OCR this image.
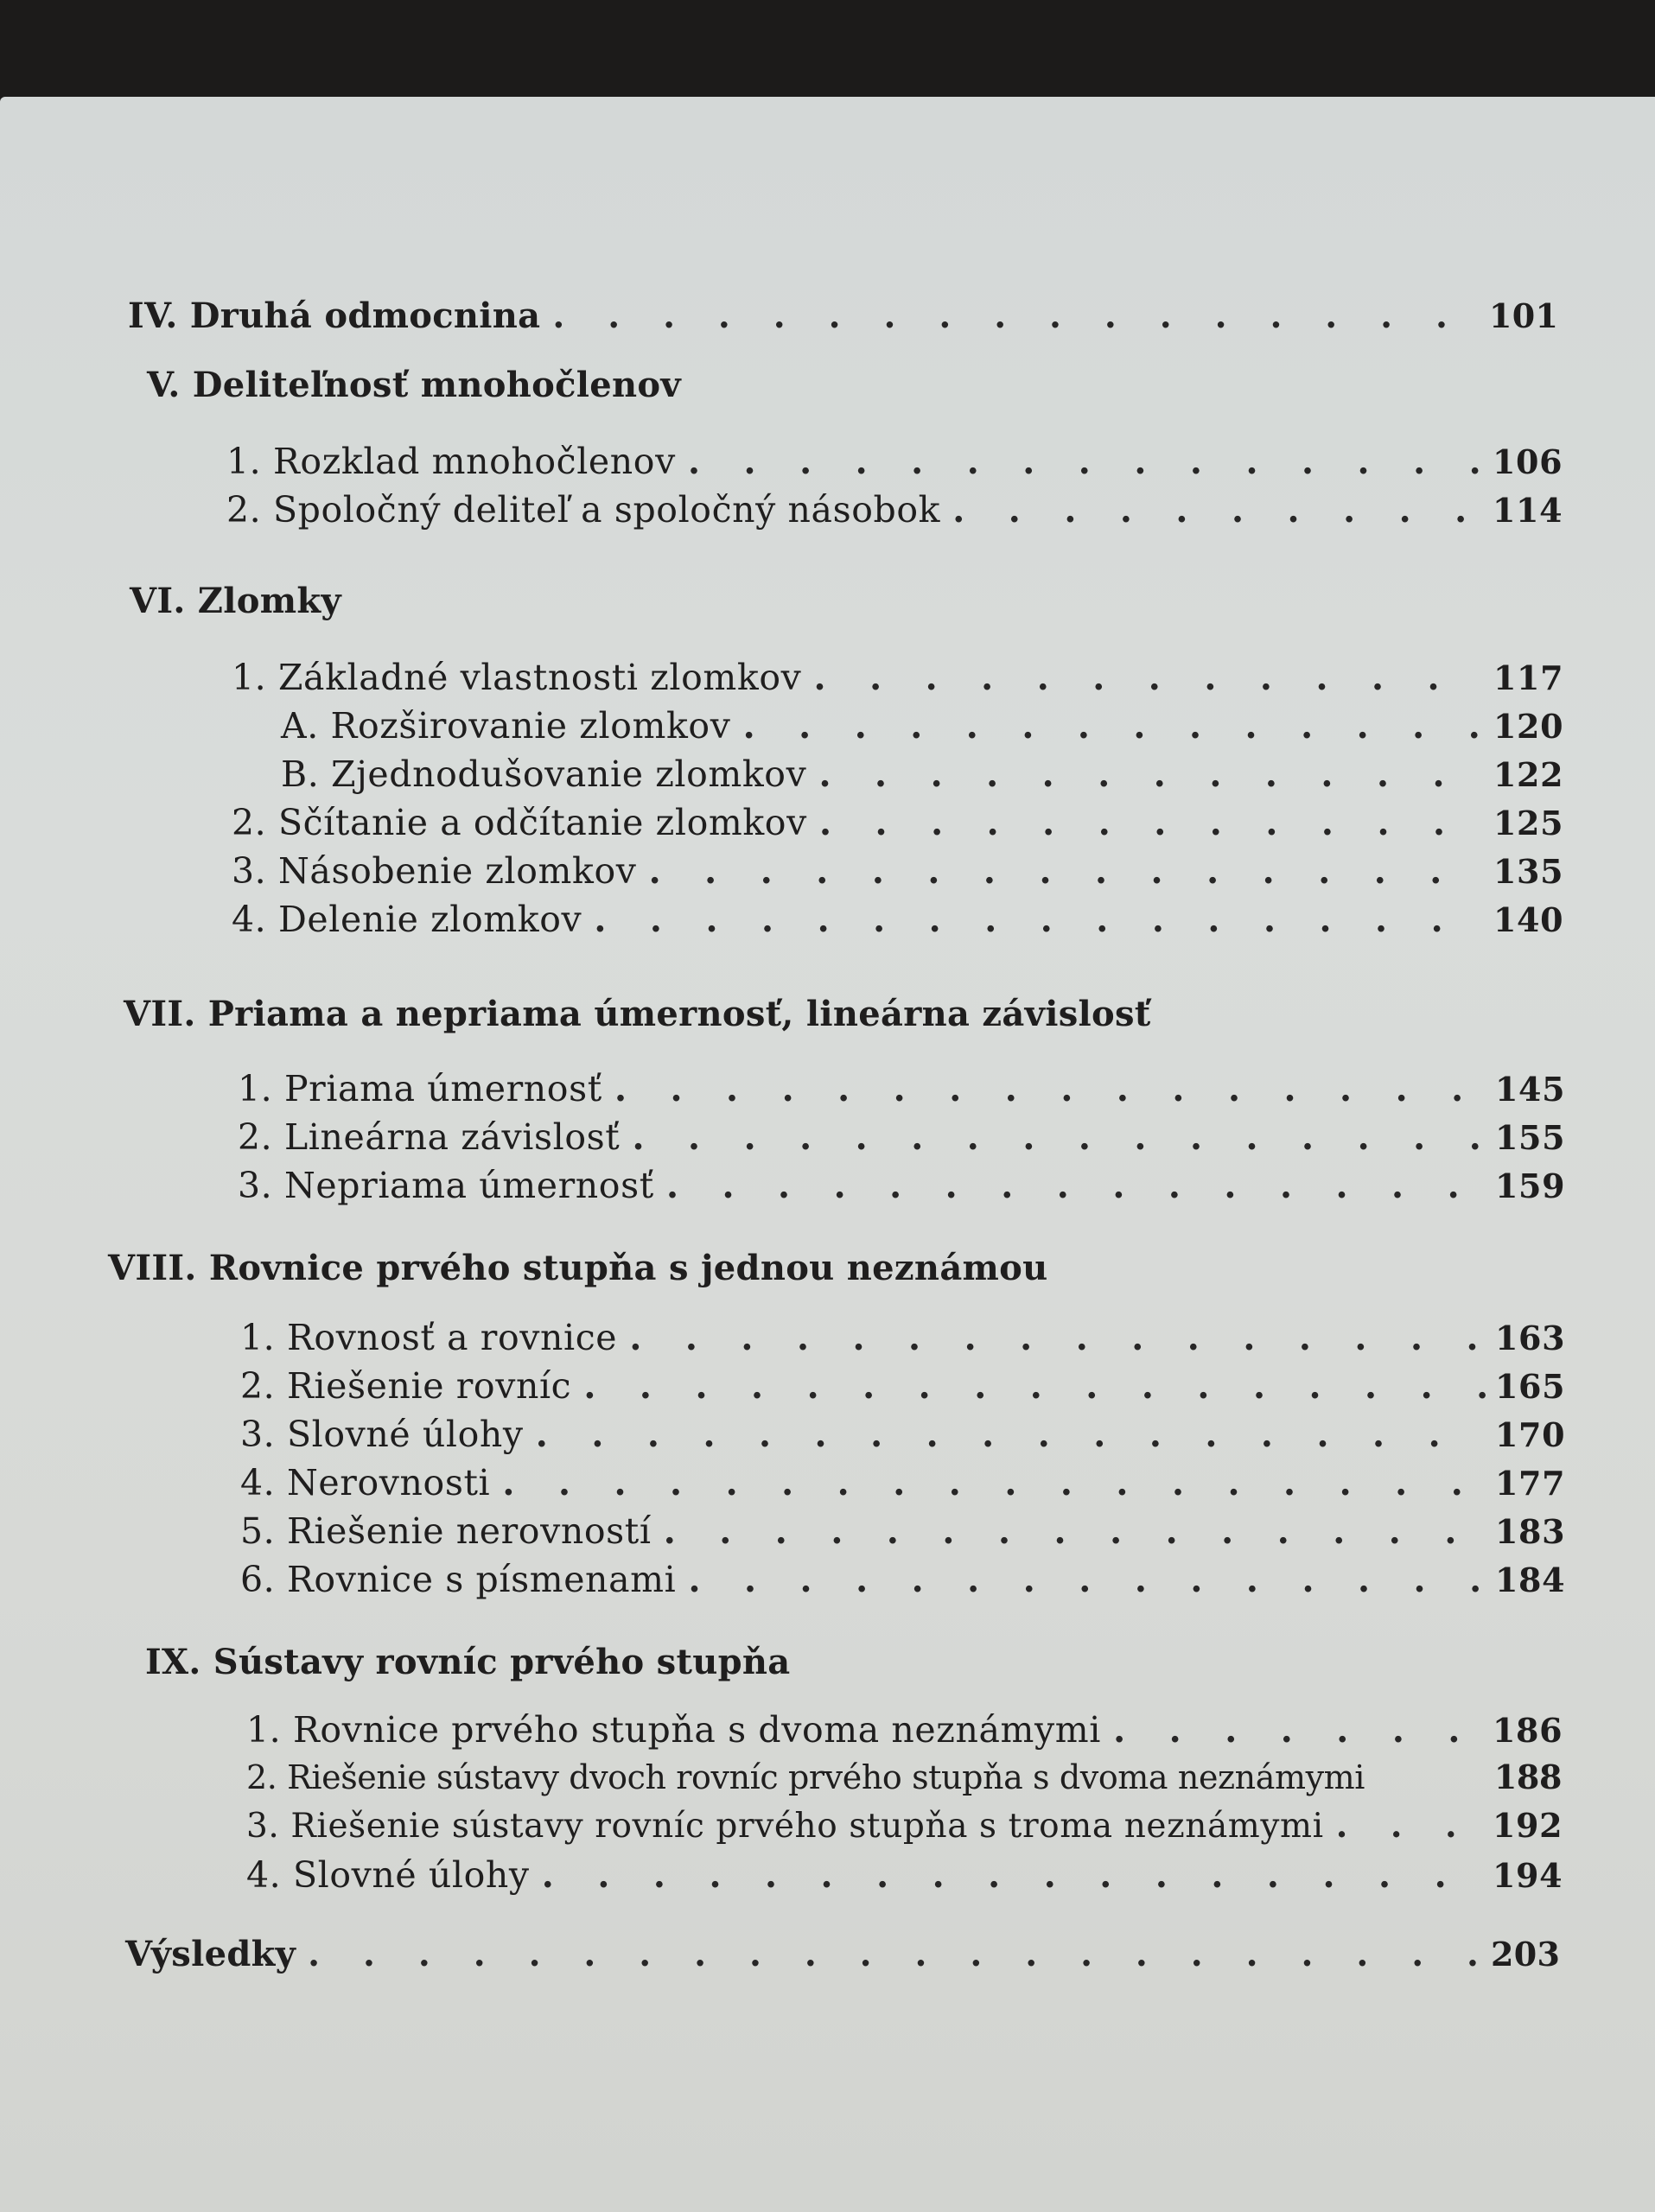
IV. Druhá odmocnina . . .	101
V. Deliteľnosť mnohočlenov
1. Rozklad mnohočlenov . . .	106
2. Spoločný deliteľ a spoločný násobok . . .	114
VI. Zlomky
1. Základné vlastnosti zlomkov . . .	117
A. Rozširovanie zlomkov . . .	120
B. Zjednodušovanie zlomkov . . .	122
2. Sčítanie a odčítanie zlomkov . . .	125
3. Násobenie zlomkov . . .	135
4. Delenie zlomkov . . .	140
VII. Priama a nepriama úmernosť, lineárna závislosť
1. Priama úmernosť . . .	145
2. Lineárna závislosť . . .	155
3. Nepriama úmernosť . . .	159
VIII. Rovnice prvého stupňa s jednou neznámou
1. Rovnosť a rovnice . . .	163
2. Riešenie rovníc . . .	165
3. Slovné úlohy . . .	170
4. Nerovnosti . . .	177
5. Riešenie nerovností . . .	183
6. Rovnice s písmenami . . .	184
IX. Sústavy rovníc prvého stupňa
1. Rovnice prvého stupňa s dvoma neznámymi . . .	186
2. Riešenie sústavy dvoch rovníc prvého stupňa s dvoma neznámymi	188
3. Riešenie sústavy rovníc prvého stupňa s troma neznámymi . . .	192
4. Slovné úlohy . . .	194
Výsledky . . .	203
